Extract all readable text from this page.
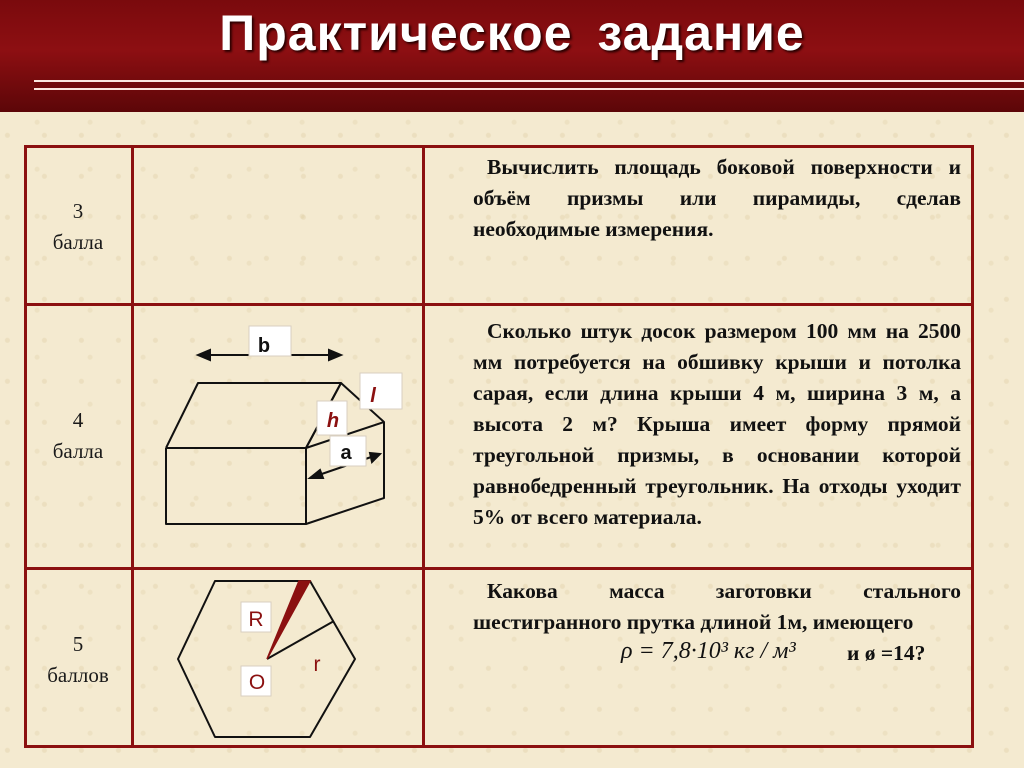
Практическое задание
3
балла

Вычислить площадь боковой поверхности и объём призмы или пирамиды, сделав необходимые измерения.

4
балла
b
l
h
a

Сколько штук досок размером 100 мм на 2500 мм потребуется на обшивку крыши и потолка сарая, если длина крыши 4 м, ширина 3 м, а высота 2 м? Крыша имеет форму прямой треугольной призмы, в основании которой равнобедренный треугольник. На отходы уходит 5% от всего материала.

5
баллов
R
O
r

Какова масса заготовки стального шестигранного прутка длиной 1м, имеющего

ρ = 7,8·10³ кг / м³ и ø =14?
